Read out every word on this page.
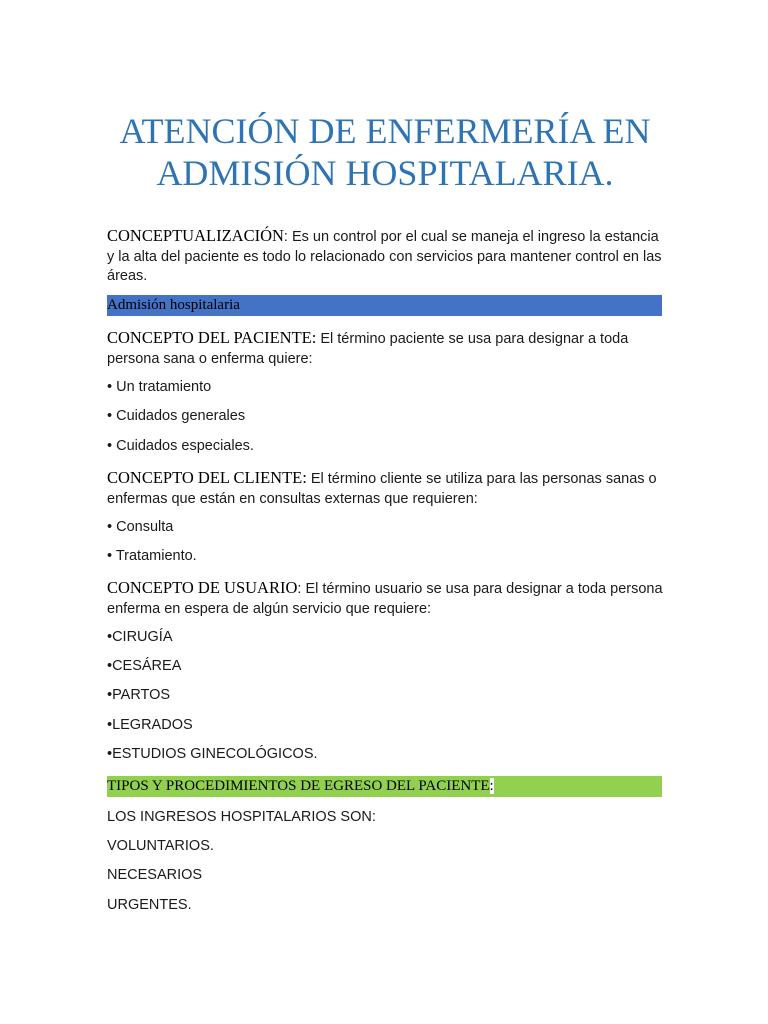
ATENCIÓN DE ENFERMERÍA EN
ADMISIÓN HOSPITALARIA.

CONCEPTUALIZACIÓN: Es un control por el cual se maneja el ingreso la estancia y la alta del paciente es todo lo relacionado con servicios para mantener control en las áreas.

Admisión hospitalaria

CONCEPTO DEL PACIENTE: El término paciente se usa para designar a toda persona sana o enferma quiere:

• Un tratamiento
• Cuidados generales
• Cuidados especiales.

CONCEPTO DEL CLIENTE: El término cliente se utiliza para las personas sanas o enfermas que están en consultas externas que requieren:

• Consulta
• Tratamiento.

CONCEPTO DE USUARIO: El término usuario se usa para designar a toda persona enferma en espera de algún servicio que requiere:

•CIRUGÍA
•CESÁREA
•PARTOS
•LEGRADOS
•ESTUDIOS GINECOLÓGICOS.
TIPOS Y PROCEDIMIENTOS DE EGRESO DEL PACIENTE:
LOS INGRESOS HOSPITALARIOS SON:
VOLUNTARIOS.
NECESARIOS
URGENTES.
